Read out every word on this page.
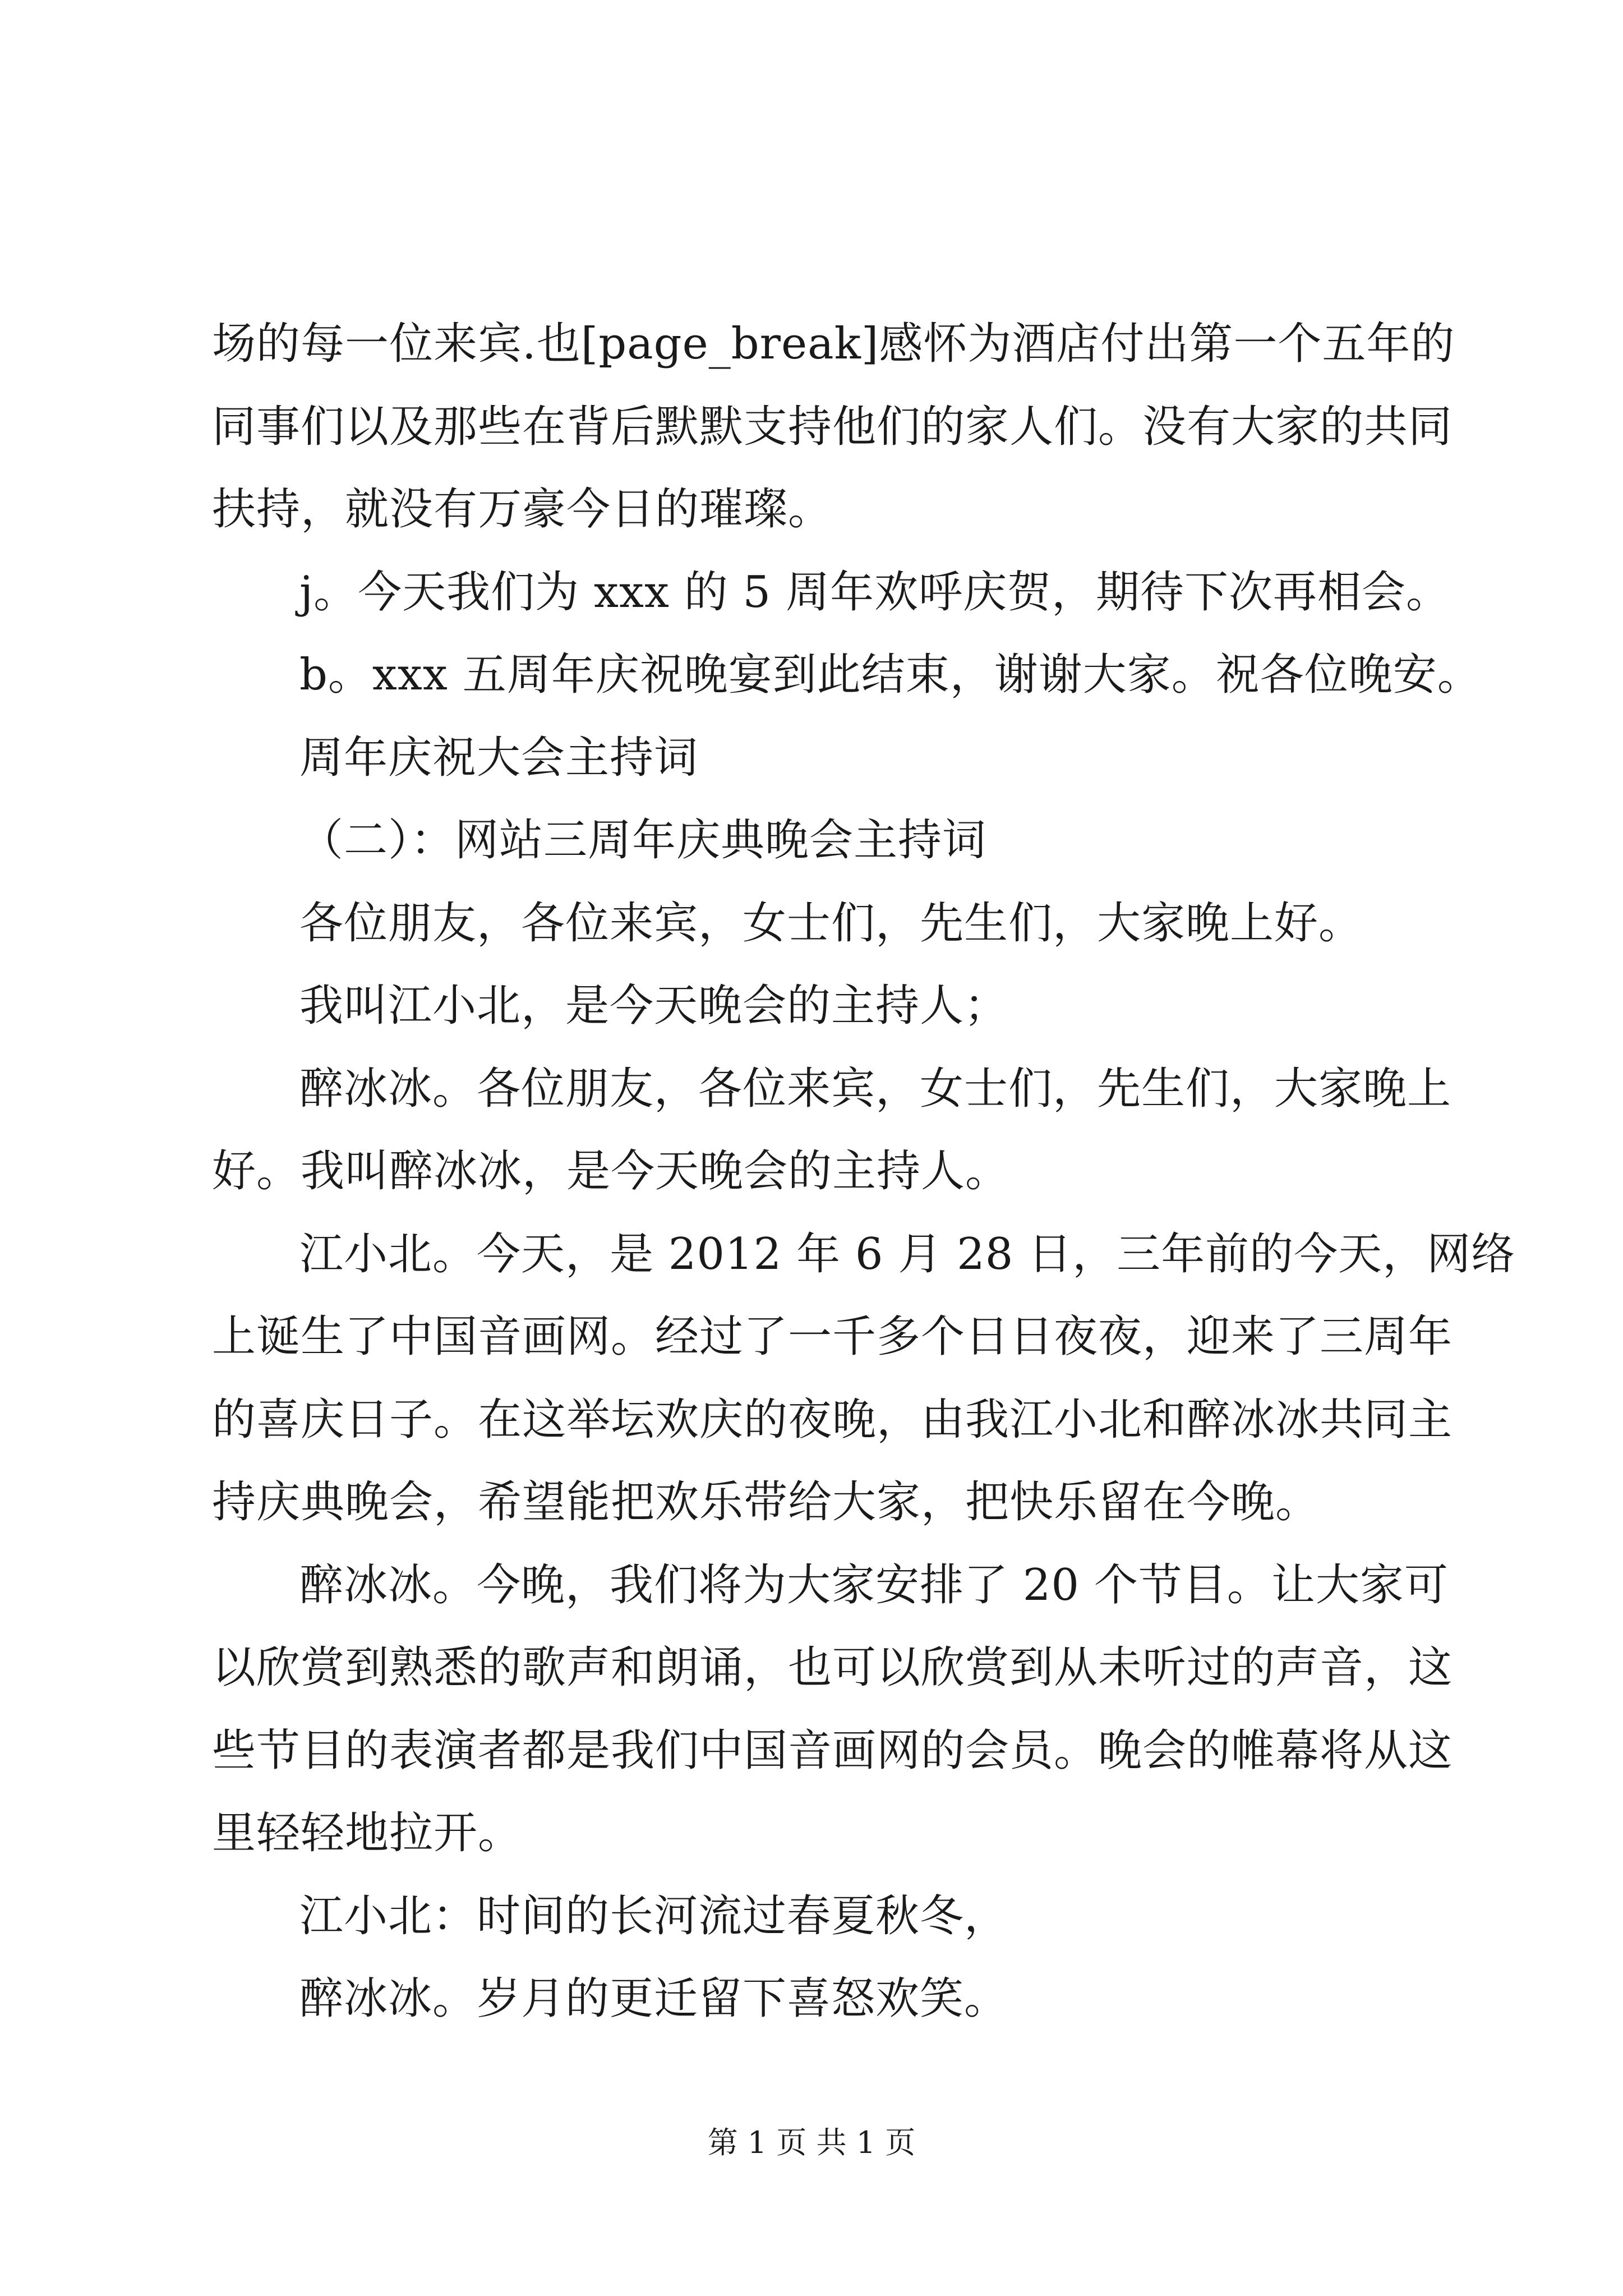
场的每一位来宾.也[page_break]感怀为酒店付出第一个五年的
同事们以及那些在背后默默支持他们的家人们。没有大家的共同
扶持，就没有万豪今日的璀璨。
j。今天我们为 xxx 的 5 周年欢呼庆贺，期待下次再相会。
b。xxx 五周年庆祝晚宴到此结束，谢谢大家。祝各位晚安。
周年庆祝大会主持词
（二）：网站三周年庆典晚会主持词
各位朋友，各位来宾，女士们，先生们，大家晚上好。
我叫江小北，是今天晚会的主持人；
醉冰冰。各位朋友，各位来宾，女士们，先生们，大家晚上
好。我叫醉冰冰，是今天晚会的主持人。
江小北。今天，是 2012 年 6 月 28 日，三年前的今天，网络
上诞生了中国音画网。经过了一千多个日日夜夜，迎来了三周年
的喜庆日子。在这举坛欢庆的夜晚，由我江小北和醉冰冰共同主
持庆典晚会，希望能把欢乐带给大家，把快乐留在今晚。
醉冰冰。今晚，我们将为大家安排了 20 个节目。让大家可
以欣赏到熟悉的歌声和朗诵，也可以欣赏到从未听过的声音，这
些节目的表演者都是我们中国音画网的会员。晚会的帷幕将从这
里轻轻地拉开。
江小北：时间的长河流过春夏秋冬，
醉冰冰。岁月的更迁留下喜怒欢笑。
第 1 页 共 1 页
